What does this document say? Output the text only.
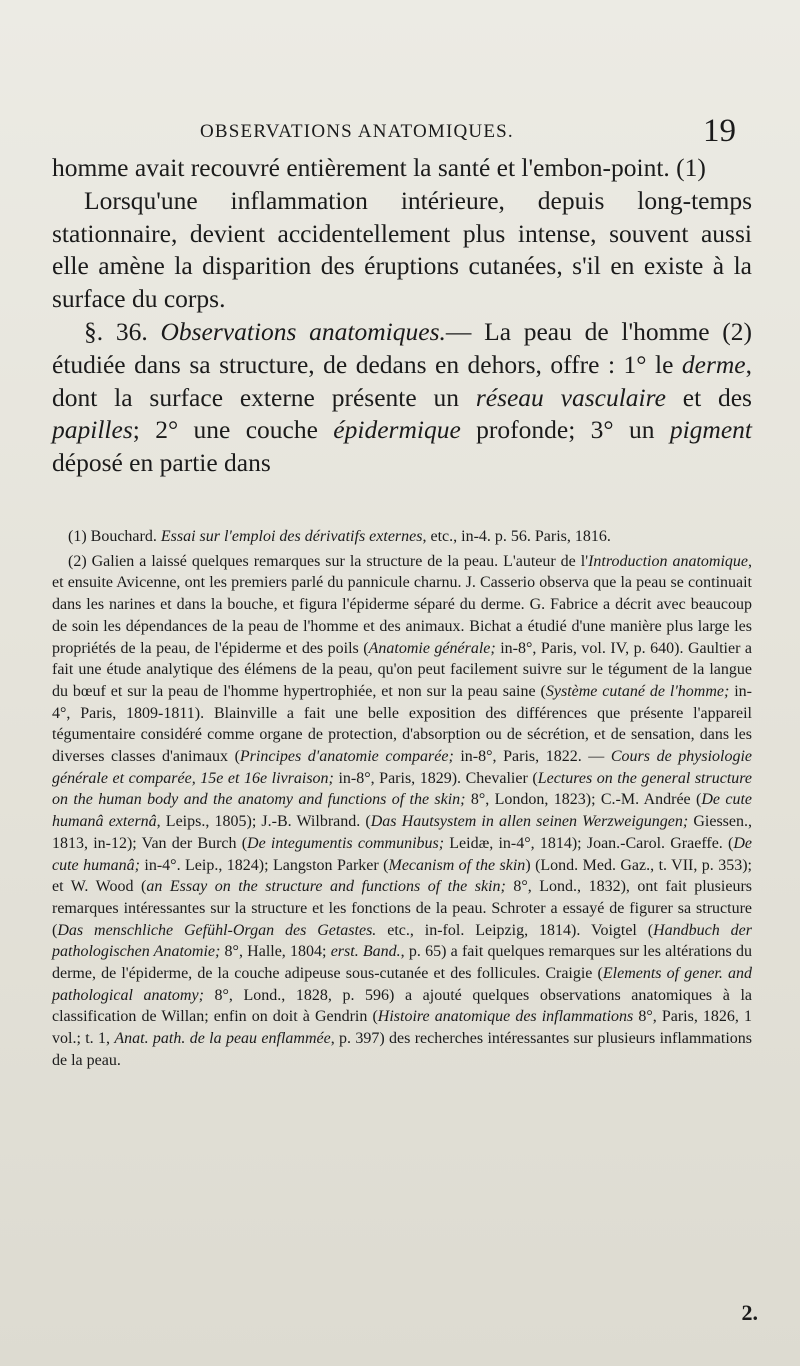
OBSERVATIONS ANATOMIQUES.	19

homme avait recouvré entièrement la santé et l'embon-point. (1)

Lorsqu'une inflammation intérieure, depuis long-temps stationnaire, devient accidentellement plus intense, souvent aussi elle amène la disparition des éruptions cutanées, s'il en existe à la surface du corps.

§. 36. Observations anatomiques.— La peau de l'homme (2) étudiée dans sa structure, de dedans en dehors, offre : 1° le derme, dont la surface externe présente un réseau vasculaire et des papilles; 2° une couche épidermique profonde; 3° un pigment déposé en partie dans

(1) Bouchard. Essai sur l'emploi des dérivatifs externes, etc., in-4. p. 56. Paris, 1816.

(2) Galien a laissé quelques remarques sur la structure de la peau. L'auteur de l'Introduction anatomique, et ensuite Avicenne, ont les premiers parlé du pannicule charnu. J. Casserio observa que la peau se continuait dans les narines et dans la bouche, et figura l'épiderme séparé du derme. G. Fabrice a décrit avec beaucoup de soin les dépendances de la peau de l'homme et des animaux. Bichat a étudié d'une manière plus large les propriétés de la peau, de l'épiderme et des poils (Anatomie générale; in-8°, Paris, vol. IV, p. 640). Gaultier a fait une étude analytique des élémens de la peau, qu'on peut facilement suivre sur le tégument de la langue du bœuf et sur la peau de l'homme hypertrophiée, et non sur la peau saine (Système cutané de l'homme; in-4°, Paris, 1809-1811). Blainville a fait une belle exposition des différences que présente l'appareil tégumentaire considéré comme organe de protection, d'absorption ou de sécrétion, et de sensation, dans les diverses classes d'animaux (Principes d'anatomie comparée; in-8°, Paris, 1822. — Cours de physiologie générale et comparée, 15e et 16e livraison; in-8°, Paris, 1829). Chevalier (Lectures on the general structure on the human body and the anatomy and functions of the skin; 8°, London, 1823); C.-M. Andrée (De cute humanâ externâ, Leips., 1805); J.-B. Wilbrand. (Das Hautsystem in allen seinen Werzweigungen; Giessen., 1813, in-12); Van der Burch (De integumentis communibus; Leidæ, in-4°, 1814); Joan.-Carol. Graeffe. (De cute humanâ; in-4°. Leip., 1824); Langston Parker (Mecanism of the skin) (Lond. Med. Gaz., t. VII, p. 353); et W. Wood (an Essay on the structure and functions of the skin; 8°, Lond., 1832), ont fait plusieurs remarques intéressantes sur la structure et les fonctions de la peau. Schroter a essayé de figurer sa structure (Das menschliche Gefühl-Organ des Getastes. etc., in-fol. Leipzig, 1814). Voigtel (Handbuch der pathologischen Anatomie; 8°, Halle, 1804; erst. Band., p. 65) a fait quelques remarques sur les altérations du derme, de l'épiderme, de la couche adipeuse sous-cutanée et des follicules. Craigie (Elements of gener. and pathological anatomy; 8°, Lond., 1828, p. 596) a ajouté quelques observations anatomiques à la classification de Willan; enfin on doit à Gendrin (Histoire anatomique des inflammations 8°, Paris, 1826, 1 vol.; t. 1, Anat. path. de la peau enflammée, p. 397) des recherches intéressantes sur plusieurs inflammations de la peau.

2.
